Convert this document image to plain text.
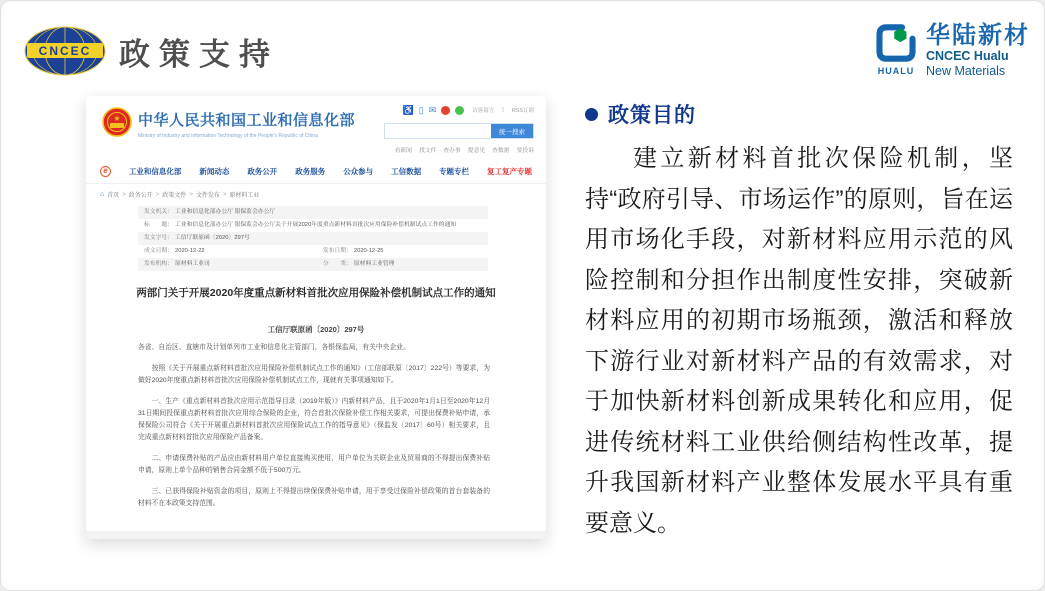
CNCEC 政策支持	HUALU
华陆新材
CNCEC Hualu
New Materials
★ 中华人民共和国工业和信息化部
Ministry of Industry and Information Technology of the People's Republic of China
♿ ▯ ✉	访客留言 | RSS订阅
统一搜索
看新闻 找文件 查办事 提意见 查数据 要投诉
e	工业和信息化部 新闻动态 政务公开 政务服务 公众参与 工信数据 专题专栏 复工复产专题
⌂ 首页 > 政务公开 > 政策文件 > 文件发布 > 原材料工业
发文机关： 工业和信息化部办公厅 银保监会办公厅
标　　题： 工业和信息化部办公厅 银保监会办公厅关于开展2020年度重点新材料首批次应用保险补偿机制试点工作的通知
发文字号： 工信厅联原函〔2020〕297号
成文日期： 2020-12-22	发布日期： 2020-12-25
发布机构： 原材料工业司	分　　类： 原材料工业管理
两部门关于开展2020年度重点新材料首批次应用保险补偿机制试点工作的通知
工信厅联原函〔2020〕297号

各省、自治区、直辖市及计划单列市工业和信息化主管部门，各银保监局，有关中央企业。

按照《关于开展重点新材料首批次应用保险补偿机制试点工作的通知》（工信部联原〔2017〕222号）等要求，为做好2020年度重点新材料首批次应用保险补偿机制试点工作，现就有关事项通知如下。

一、生产《重点新材料首批次应用示范指导目录（2019年版）》内新材料产品，且于2020年1月1日至2020年12月31日期间投保重点新材料首批次应用综合保险的企业，符合首批次保险补偿工作相关要求，可提出保费补贴申请，承保保险公司符合《关于开展重点新材料首批次应用保险试点工作的指导意见》（保监发〔2017〕60号）相关要求，且完成重点新材料首批次应用保险产品备案。

二、申请保费补贴的产品应由新材料用户单位直接购买使用，用户单位为关联企业及贸易商的不得提出保费补贴申请，原则上单个品种的销售合同金额不低于500万元。

三、已获得保险补贴资金的项目，原则上不得提出续保保费补贴申请，用于享受过保险补偿政策的首台套装备的材料不在本政策支持范围。

政策目的
建立新材料首批次保险机制，坚持“政府引导、市场运作”的原则，旨在运用市场化手段，对新材料应用示范的风险控制和分担作出制度性安排，突破新材料应用的初期市场瓶颈，激活和释放下游行业对新材料产品的有效需求，对于加快新材料创新成果转化和应用，促进传统材料工业供给侧结构性改革，提升我国新材料产业整体发展水平具有重要意义。
